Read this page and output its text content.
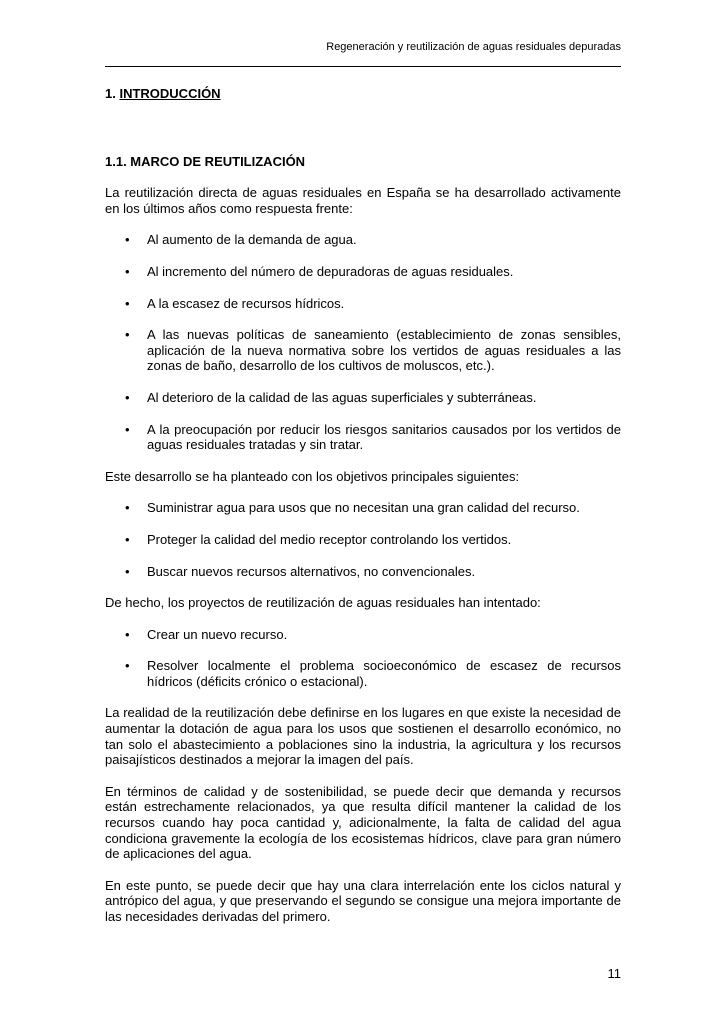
Regeneración y reutilización de aguas residuales depuradas
1. INTRODUCCIÓN
1.1. MARCO DE REUTILIZACIÓN

La reutilización directa de aguas residuales en España se ha desarrollado activamente en los últimos años como respuesta frente:

• Al aumento de la demanda de agua.
• Al incremento del número de depuradoras de aguas residuales.
• A la escasez de recursos hídricos.
• A las nuevas políticas de saneamiento (establecimiento de zonas sensibles, aplicación de la nueva normativa sobre los vertidos de aguas residuales a las zonas de baño, desarrollo de los cultivos de moluscos, etc.).
• Al deterioro de la calidad de las aguas superficiales y subterráneas.
• A la preocupación por reducir los riesgos sanitarios causados por los vertidos de aguas residuales tratadas y sin tratar.

Este desarrollo se ha planteado con los objetivos principales siguientes:

• Suministrar agua para usos que no necesitan una gran calidad del recurso.
• Proteger la calidad del medio receptor controlando los vertidos.
• Buscar nuevos recursos alternativos, no convencionales.

De hecho, los proyectos de reutilización de aguas residuales han intentado:

• Crear un nuevo recurso.
• Resolver localmente el problema socioeconómico de escasez de recursos hídricos (déficits crónico o estacional).

La realidad de la reutilización debe definirse en los lugares en que existe la necesidad de aumentar la dotación de agua para los usos que sostienen el desarrollo económico, no tan solo el abastecimiento a poblaciones sino la industria, la agricultura y los recursos paisajísticos destinados a mejorar la imagen del país.

En términos de calidad y de sostenibilidad, se puede decir que demanda y recursos están estrechamente relacionados, ya que resulta difícil mantener la calidad de los recursos cuando hay poca cantidad y, adicionalmente, la falta de calidad del agua condiciona gravemente la ecología de los ecosistemas hídricos, clave para gran número de aplicaciones del agua.

En este punto, se puede decir que hay una clara interrelación ente los ciclos natural y antrópico del agua, y que preservando el segundo se consigue una mejora importante de las necesidades derivadas del primero.

11
